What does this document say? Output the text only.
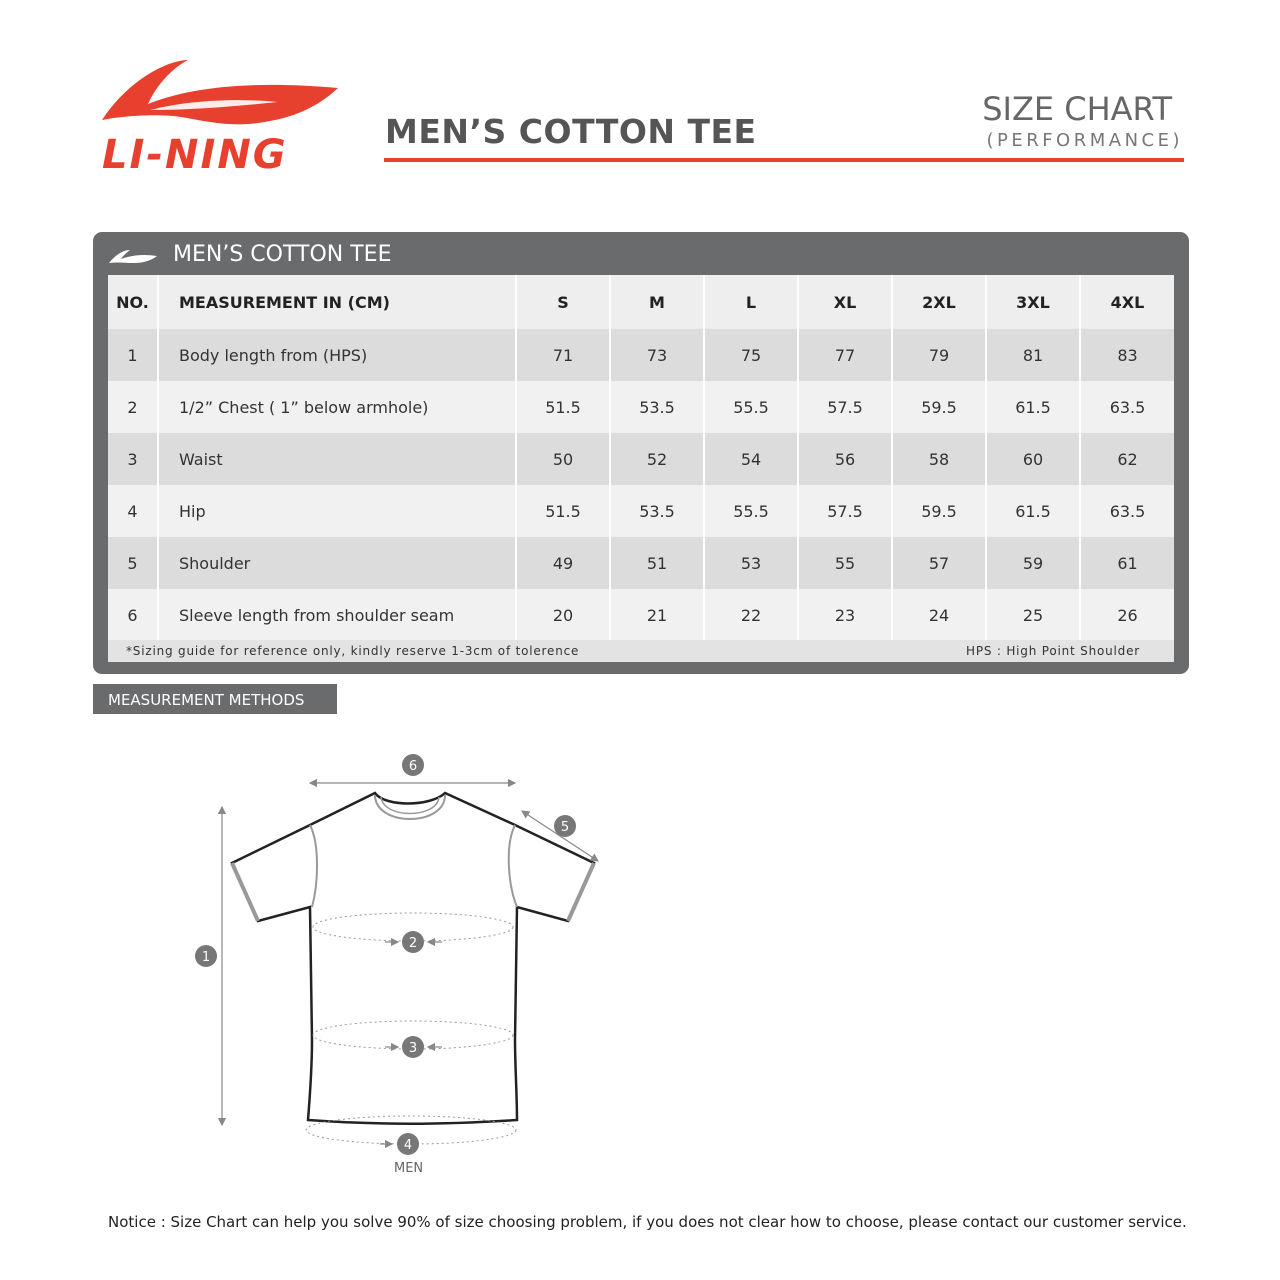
LI-NING
MEN’S COTTON TEE
SIZE CHART
(PERFORMANCE)
MEN’S COTTON TEE
NO.	MEASUREMENT IN (CM)	S	M	L	XL	2XL	3XL	4XL
1	Body length from (HPS)	71	73	75	77	79	81	83
2	1/2” Chest ( 1” below armhole)	51.5	53.5	55.5	57.5	59.5	61.5	63.5
3	Waist	50	52	54	56	58	60	62
4	Hip	51.5	53.5	55.5	57.5	59.5	61.5	63.5
5	Shoulder	49	51	53	55	57	59	61
6	Sleeve length from shoulder seam	20	21	22	23	24	25	26
*Sizing guide for reference only, kindly reserve 1-3cm of tolerence	HPS : High Point Shoulder
MEASUREMENT METHODS
1
2
3
4
5
6
MEN
Notice : Size Chart can help you solve 90% of size choosing problem, if you does not clear how to choose, please contact our customer service.
